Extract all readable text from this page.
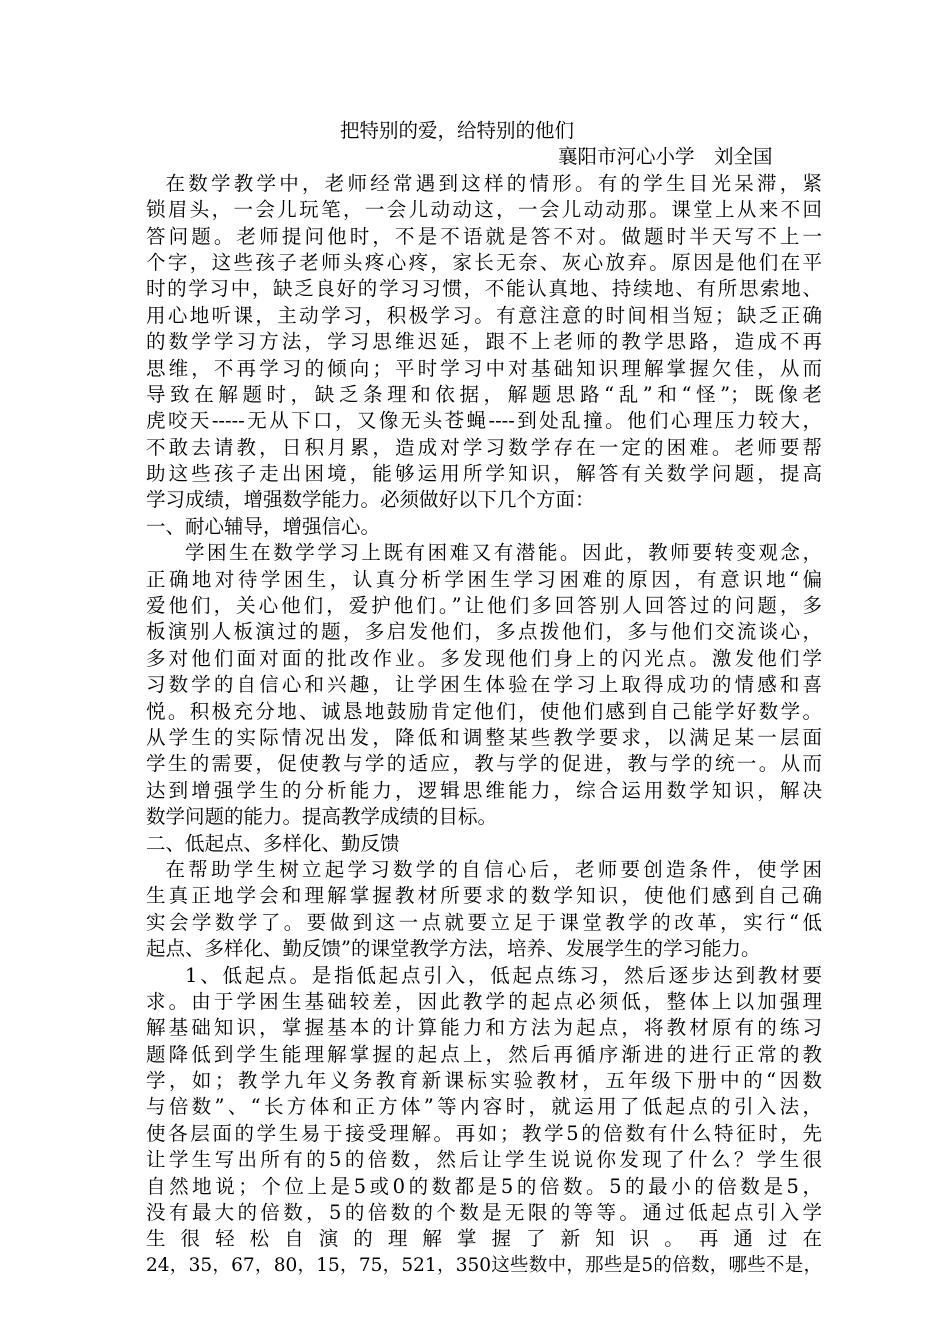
把特别的爱，给特别的他们
襄阳市河心小学　刘全国
在数学教学中，老师经常遇到这样的情形。有的学生目光呆滞，紧
锁眉头，一会儿玩笔，一会儿动动这，一会儿动动那。课堂上从来不回
答问题。老师提问他时，不是不语就是答不对。做题时半天写不上一
个字，这些孩子老师头疼心疼，家长无奈、灰心放弃。原因是他们在平
时的学习中，缺乏良好的学习习惯，不能认真地、持续地、有所思索地、
用心地听课，主动学习，积极学习。有意注意的时间相当短；缺乏正确
的数学学习方法，学习思维迟延，跟不上老师的教学思路，造成不再
思维，不再学习的倾向；平时学习中对基础知识理解掌握欠佳，从而
导致在解题时，缺乏条理和依据，解题思路“乱”和“怪”；既像老
虎咬天-----无从下口，又像无头苍蝇----到处乱撞。他们心理压力较大，
不敢去请教，日积月累，造成对学习数学存在一定的困难。老师要帮
助这些孩子走出困境，能够运用所学知识，解答有关数学问题，提高
学习成绩，增强数学能力。必须做好以下几个方面：
一、耐心辅导，增强信心。
学困生在数学学习上既有困难又有潜能。因此，教师要转变观念，
正确地对待学困生，认真分析学困生学习困难的原因，有意识地“偏
爱他们，关心他们，爱护他们。”让他们多回答别人回答过的问题，多
板演别人板演过的题，多启发他们，多点拨他们，多与他们交流谈心，
多对他们面对面的批改作业。多发现他们身上的闪光点。激发他们学
习数学的自信心和兴趣，让学困生体验在学习上取得成功的情感和喜
悦。积极充分地、诚恳地鼓励肯定他们，使他们感到自己能学好数学。
从学生的实际情况出发，降低和调整某些教学要求，以满足某一层面
学生的需要，促使教与学的适应，教与学的促进，教与学的统一。从而
达到增强学生的分析能力，逻辑思维能力，综合运用数学知识，解决
数学问题的能力。提高教学成绩的目标。
二、低起点、多样化、勤反馈
在帮助学生树立起学习数学的自信心后，老师要创造条件，使学困
生真正地学会和理解掌握教材所要求的数学知识，使他们感到自己确
实会学数学了。要做到这一点就要立足于课堂教学的改革，实行“低
起点、多样化、勤反馈”的课堂教学方法，培养、发展学生的学习能力。
1、低起点。是指低起点引入，低起点练习，然后逐步达到教材要
求。由于学困生基础较差，因此教学的起点必须低，整体上以加强理
解基础知识，掌握基本的计算能力和方法为起点，将教材原有的练习
题降低到学生能理解掌握的起点上，然后再循序渐进的进行正常的教
学，如；教学九年义务教育新课标实验教材，五年级下册中的“因数
与倍数”、“长方体和正方体”等内容时，就运用了低起点的引入法，
使各层面的学生易于接受理解。再如；教学5的倍数有什么特征时，先
让学生写出所有的5的倍数，然后让学生说说你发现了什么？学生很
自然地说；个位上是5或0的数都是5的倍数。5的最小的倍数是5，
没有最大的倍数，5的倍数的个数是无限的等等。通过低起点引入学
生很轻松自演的理解掌握了新知识。再通过在
24，35，67，80，15，75，521，350这些数中，那些是5的倍数，哪些不是，
